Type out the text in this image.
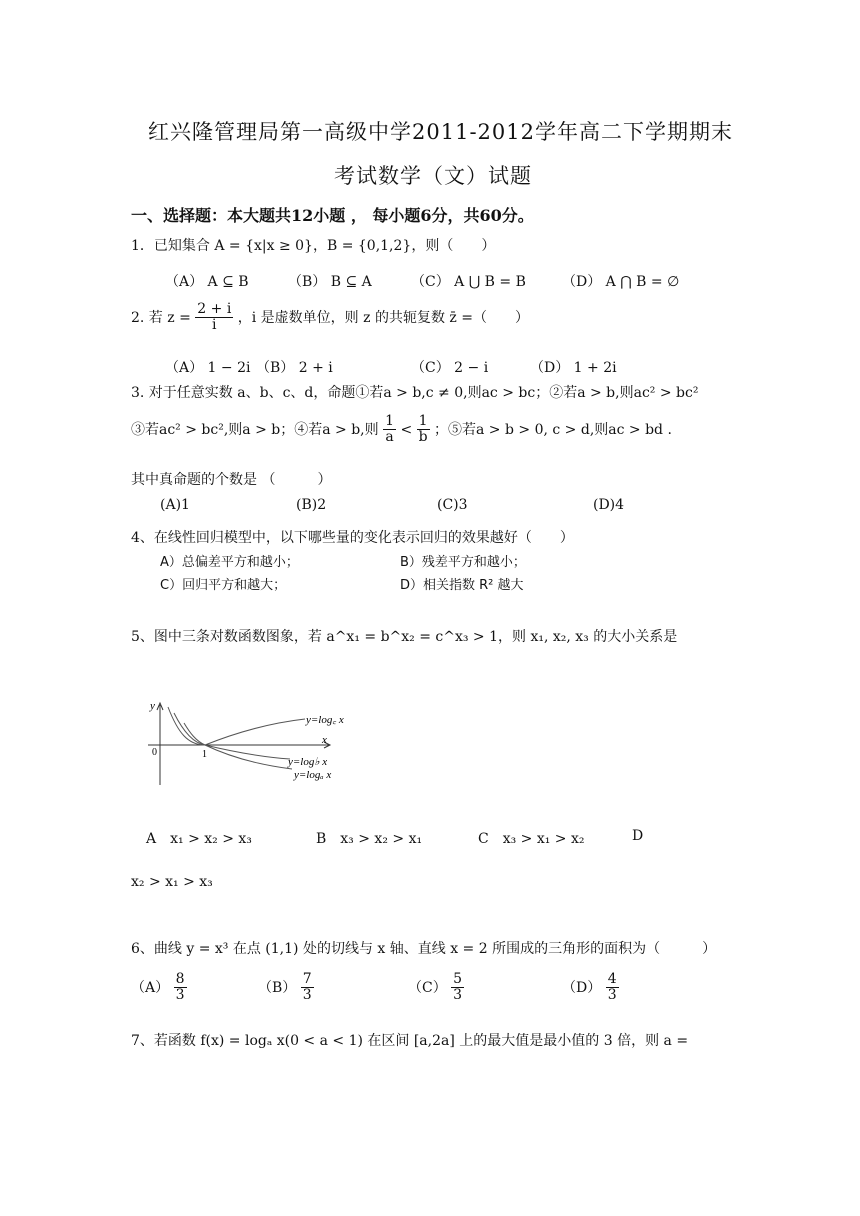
红兴隆管理局第一高级中学2011-2012学年高二下学期期末
考试数学（文）试题
一、选择题：本大题共12小题 ， 每小题6分，共60分。
1．已知集合 A = {x|x ≥ 0}，B = {0,1,2}，则（　　）
（A） A ⊆ B	（B） B ⊆ A	（C） A ⋃ B = B	（D） A ⋂ B = ∅
2. 若 $z = \frac{2 + i}{i}$ ，i 是虚数单位，则 z 的共轭复数 z̄ =（　　）
（A） 1 − 2i （B） 2 + i	（C） 2 − i	（D） 1 + 2i
3. 对于任意实数 a、b、c、d，命题①若a > b,c ≠ 0,则ac > bc；②若a > b,则ac² > bc²
③若ac² > bc²,则a > b；④若a > b,则 $\frac{1}{a} < \frac{1}{b}$ ；⑤若a > b > 0, c > d,则ac > bd .
其中真命题的个数是 （　　　）
(A)1	(B)2	(C)3	(D)4
4、在线性回归模型中，以下哪些量的变化表示回归的效果越好（　　）
A）总偏差平方和越小；	B）残差平方和越小；
C）回归平方和越大；	D）相关指数 R² 越大
5、图中三条对数函数图象，若 a^x₁ = b^x₂ = c^x₃ > 1，则 x₁, x₂, x₃ 的大小关系是
y
x
0	1
y=log꜀ x
y=log♭ x
y=logₐ x
A　x₁ > x₂ > x₃	B　x₃ > x₂ > x₁	C　x₃ > x₁ > x₂	D
x₂ > x₁ > x₃
6、曲线 y = x³ 在点 (1,1) 处的切线与 x 轴、直线 x = 2 所围成的三角形的面积为（　　　）
$(A) \frac{8}{3}$	$(B) \frac{7}{3}$	$(C) \frac{5}{3}$	$(D) \frac{4}{3}$
7、若函数 f(x) = logₐ x(0 < a < 1) 在区间 [a,2a] 上的最大值是最小值的 3 倍，则 a =
